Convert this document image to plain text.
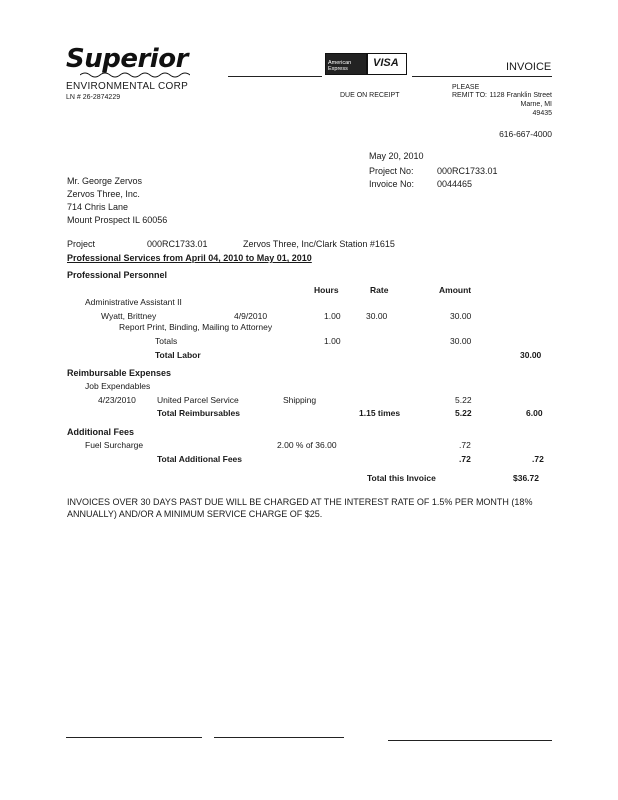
Superior
ENVIRONMENTAL CORP
LN # 26-2874229
American Express	VISA
DUE ON RECEIPT
INVOICE
PLEASE
REMIT TO: 1128 Franklin Street
Marne, MI
49435
616-667-4000
May 20, 2010
Project No:	000RC1733.01
Invoice No:	0044465
Mr. George Zervos
Zervos Three, Inc.
714 Chris Lane
Mount Prospect IL 60056
Project	000RC1733.01	Zervos Three, Inc/Clark Station #1615
Professional Services from April 04, 2010 to May 01, 2010
Professional Personnel
Hours	Rate	Amount
Administrative Assistant II
Wyatt, Brittney	4/9/2010	1.00	30.00	30.00
Report Print, Binding, Mailing to Attorney
Totals	1.00	30.00
Total Labor	30.00
Reimbursable Expenses
Job Expendables
4/23/2010 United Parcel Service	Shipping	5.22
Total Reimbursables	1.15 times	5.22	6.00
Additional Fees
Fuel Surcharge	2.00 % of 36.00	.72
Total Additional Fees	.72	.72
Total this Invoice	$36.72
INVOICES OVER 30 DAYS PAST DUE WILL BE CHARGED AT THE INTEREST RATE OF 1.5% PER MONTH (18% ANNUALLY) AND/OR A MINIMUM SERVICE CHARGE OF $25.
